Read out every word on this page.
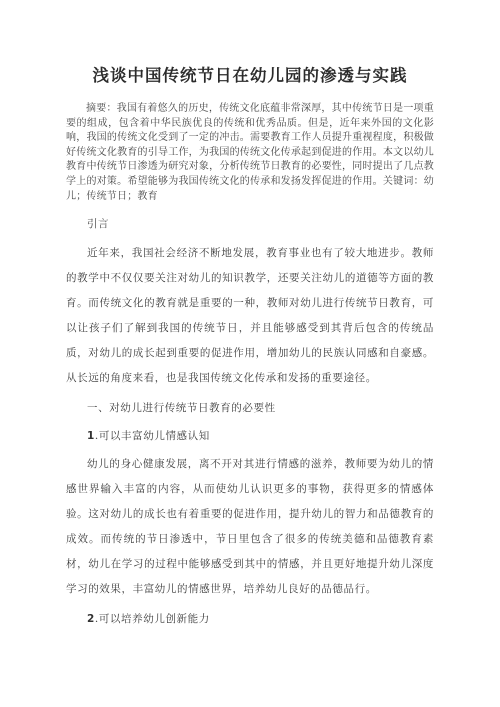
浅谈中国传统节日在幼儿园的渗透与实践

摘要：我国有着悠久的历史，传统文化底蕴非常深厚，其中传统节日是一项重要的组成，包含着中华民族优良的传统和优秀品质。但是，近年来外国的文化影响，我国的传统文化受到了一定的冲击。需要教育工作人员提升重视程度，积极做好传统文化教育的引导工作，为我国的传统文化传承起到促进的作用。本文以幼儿教育中传统节日渗透为研究对象，分析传统节日教育的必要性，同时提出了几点教学上的对策。希望能够为我国传统文化的传承和发扬发挥促进的作用。关键词：幼儿；传统节日；教育

引言

近年来，我国社会经济不断地发展，教育事业也有了较大地进步。教师的教学中不仅仅要关注对幼儿的知识教学，还要关注幼儿的道德等方面的教育。而传统文化的教育就是重要的一种，教师对幼儿进行传统节日教育，可以让孩子们了解到我国的传统节日，并且能够感受到其背后包含的传统品质，对幼儿的成长起到重要的促进作用，增加幼儿的民族认同感和自豪感。从长远的角度来看，也是我国传统文化传承和发扬的重要途径。

一、对幼儿进行传统节日教育的必要性

1.可以丰富幼儿情感认知

幼儿的身心健康发展，离不开对其进行情感的滋养，教师要为幼儿的情感世界输入丰富的内容，从而使幼儿认识更多的事物，获得更多的情感体验。这对幼儿的成长也有着重要的促进作用，提升幼儿的智力和品德教育的成效。而传统的节日渗透中，节日里包含了很多的传统美德和品德教育素材，幼儿在学习的过程中能够感受到其中的情感，并且更好地提升幼儿深度学习的效果，丰富幼儿的情感世界，培养幼儿良好的品德品行。

2.可以培养幼儿创新能力
